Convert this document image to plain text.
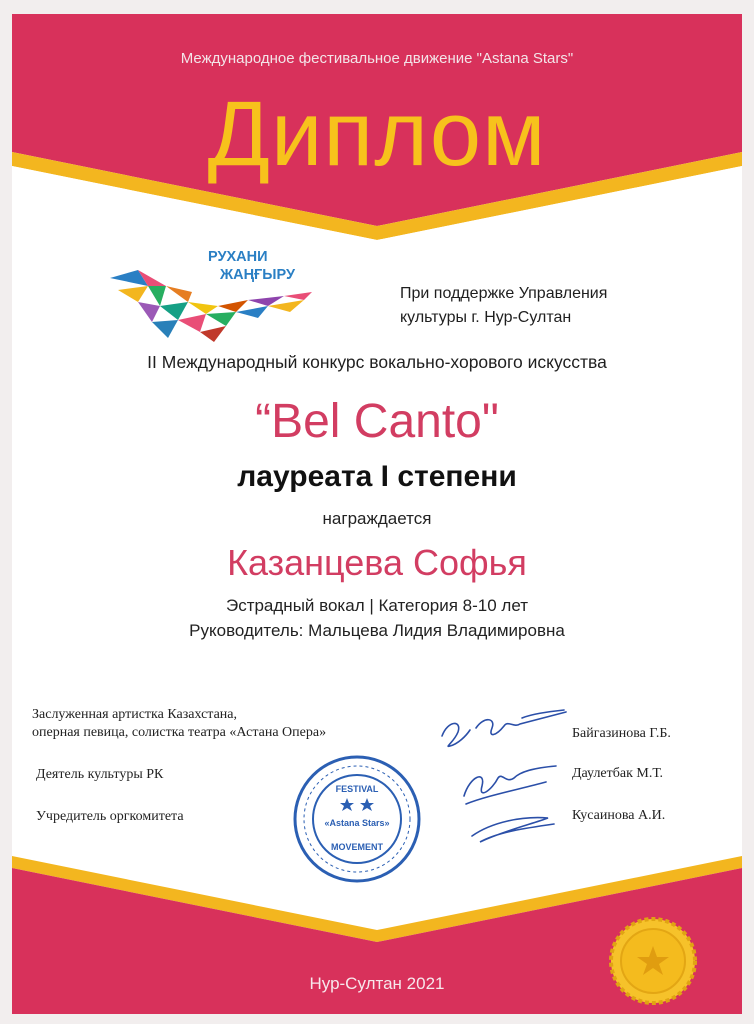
Международное фестивальное движение "Astana Stars"
Диплом
РУХАНИ
ЖАҢҒЫРУ
При поддержке Управления
культуры г. Нур-Султан
II Международный конкурс вокально-хорового искусства
“Bel Canto"
лауреата I степени
награждается
Казанцева Софья
Эстрадный вокал | Категория 8-10 лет
Руководитель: Мальцева Лидия Владимировна
Заслуженная артистка Казахстана,
оперная певица, солистка театра «Астана Опера»
Деятель культуры РК
Учредитель оргкомитета
Байгазинова Г.Б.
Даулетбак М.Т.
Кусаинова А.И.
FESTIVAL
«Astana Stars»
MOVEMENT
Нур-Султан 2021
